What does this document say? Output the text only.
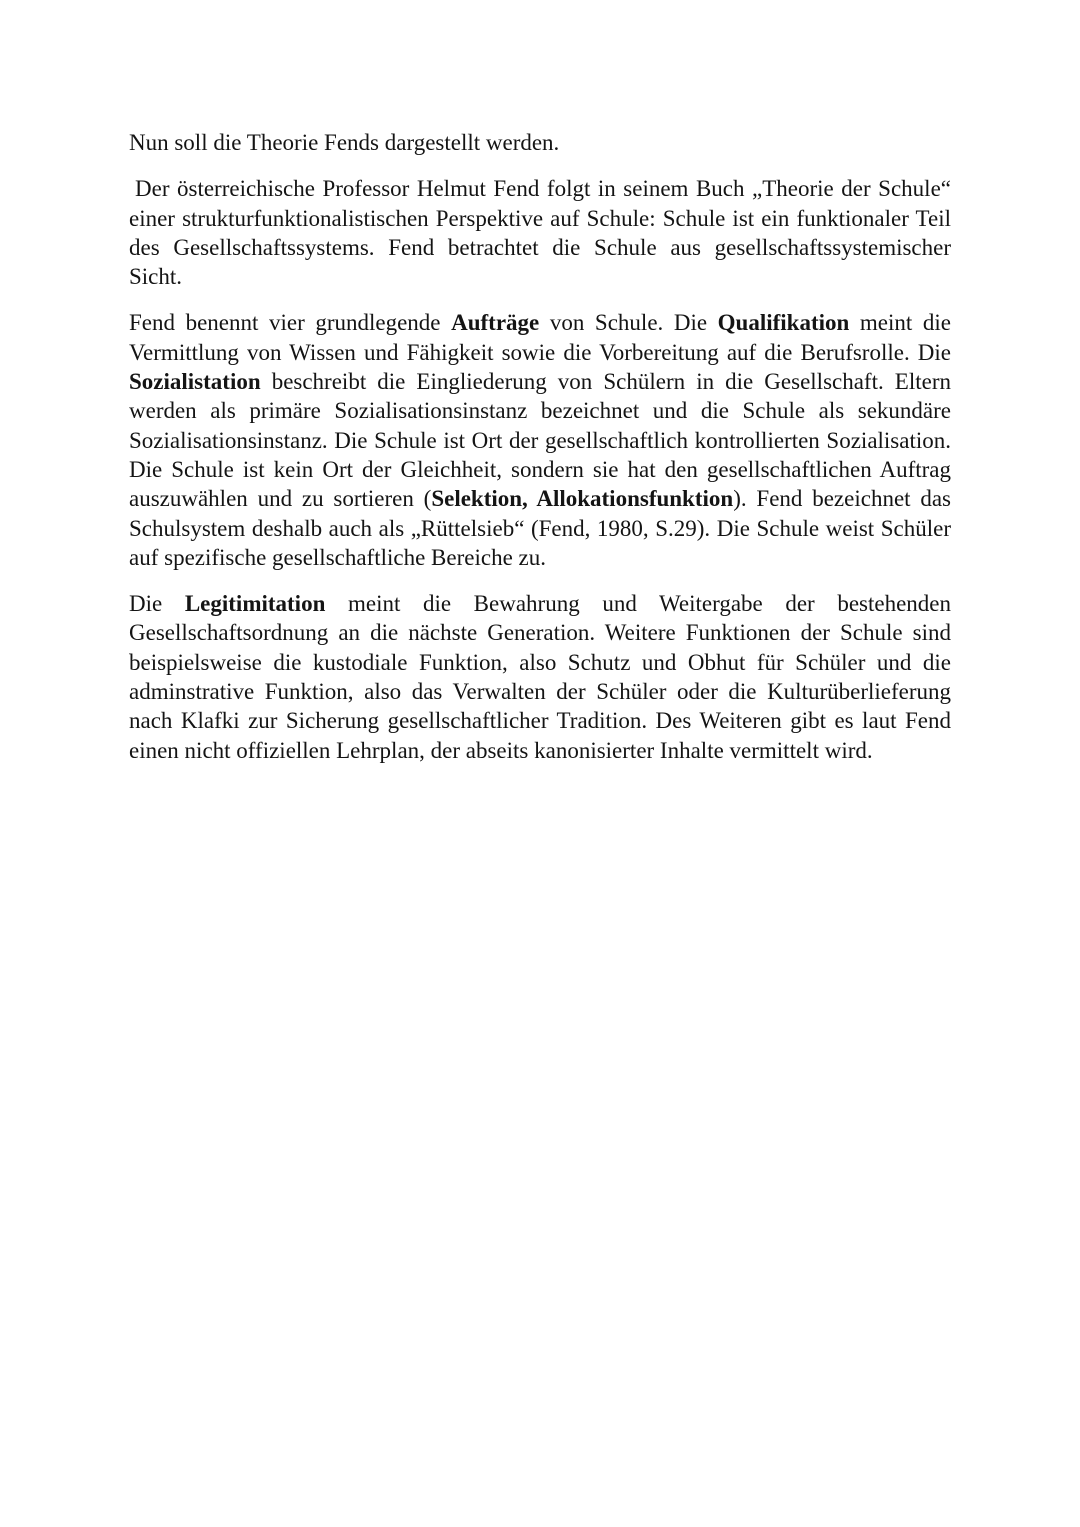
Nun soll die Theorie Fends dargestellt werden.

Der österreichische Professor Helmut Fend folgt in seinem Buch „Theorie der Schule“ einer strukturfunktionalistischen Perspektive auf Schule: Schule ist ein funktionaler Teil des Gesellschaftssystems. Fend betrachtet die Schule aus gesellschaftssystemischer Sicht.

Fend benennt vier grundlegende Aufträge von Schule. Die Qualifikation meint die Vermittlung von Wissen und Fähigkeit sowie die Vorbereitung auf die Berufsrolle. Die Sozialistation beschreibt die Eingliederung von Schülern in die Gesellschaft. Eltern werden als primäre Sozialisationsinstanz bezeichnet und die Schule als sekundäre Sozialisationsinstanz. Die Schule ist Ort der gesellschaftlich kontrollierten Sozialisation. Die Schule ist kein Ort der Gleichheit, sondern sie hat den gesellschaftlichen Auftrag auszuwählen und zu sortieren (Selektion, Allokationsfunktion). Fend bezeichnet das Schulsystem deshalb auch als „Rüttelsieb“ (Fend, 1980, S.29). Die Schule weist Schüler auf spezifische gesellschaftliche Bereiche zu.

Die Legitimitation meint die Bewahrung und Weitergabe der bestehenden Gesellschaftsordnung an die nächste Generation. Weitere Funktionen der Schule sind beispielsweise die kustodiale Funktion, also Schutz und Obhut für Schüler und die adminstrative Funktion, also das Verwalten der Schüler oder die Kulturüberlieferung nach Klafki zur Sicherung gesellschaftlicher Tradition. Des Weiteren gibt es laut Fend einen nicht offiziellen Lehrplan, der abseits kanonisierter Inhalte vermittelt wird.
